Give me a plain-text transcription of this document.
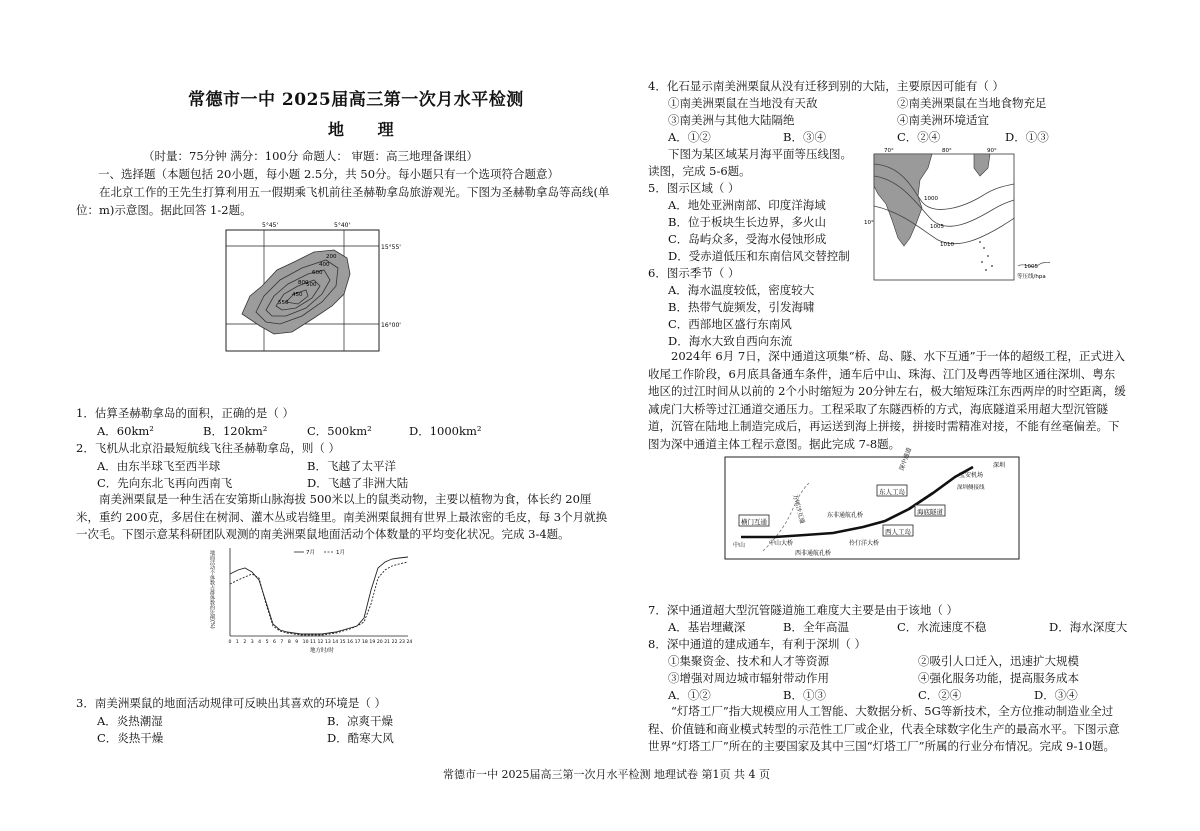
常德市一中 2025届高三第一次月水平检测
地 理
（时量：75分钟 满分：100分 命题人： 审题：高三地理备课组）
一、选择题（本题包括 20小题，每小题 2.5分，共 50分。每小题只有一个选项符合题意）
在北京工作的王先生打算利用五一假期乘飞机前往圣赫勒拿岛旅游观光。下图为圣赫勒拿岛等高线(单位：m)示意图。据此回答 1-2题。
5°45'	5°40'
15°55'
16°00'
200
400
600
800
550
500
450
1．估算圣赫勒拿岛的面积，正确的是（ ）
A．60km²	B．120km²	C．500km²	D．1000km²
2．飞机从北京沿最短航线飞往圣赫勒拿岛，则（ ）
A．由东半球飞至西半球	B．飞越了太平洋
C．先向东北飞再向西南飞	D．飞越了非洲大陆
南美洲栗鼠是一种生活在安第斯山脉海拔 500米以上的鼠类动物，主要以植物为食，体长约 20厘米，重约 200克，多居住在树洞、灌木丛或岩缝里。南美洲栗鼠拥有世界上最浓密的毛皮，每 3个月就换一次毛。下图示意某科研团队观测的南美洲栗鼠地面活动个体数量的平均变化状况。完成 3-4题。
地面活动个体数占群体数的比例(%)	7月	1月
0 1 2 3 4 5 6 7 8 9 10 11 12 13 14 15 16 17 18 19 20 21 22 23 24
地方时/时
3．南美洲栗鼠的地面活动规律可反映出其喜欢的环境是（ ）
A．炎热潮湿	B．凉爽干燥
C．炎热干燥	D．酷寒大风
4．化石显示南美洲栗鼠从没有迁移到别的大陆，主要原因可能有（ ）
①南美洲栗鼠在当地没有天敌	②南美洲栗鼠在当地食物充足
③南美洲与其他大陆隔绝	④南美洲环境适宜
A．①②	B．③④	C．②④	D．①③
下图为某区域某月海平面等压线图。
读图，完成 5-6题。
70°	80°	90°
10°
1000
1005
1010
1005
等压线/hpa
5．图示区域（ ）
A．地处亚洲南部、印度洋海域
B．位于板块生长边界，多火山
C．岛屿众多，受海水侵蚀形成
D．受赤道低压和东南信风交替控制
6．图示季节（ ）
A．海水温度较低，密度较大
B．热带气旋频发，引发海啸
C．西部地区盛行东南风
D．海水大致自西向东流
2024年 6月 7日，深中通道这项集“桥、岛、隧、水下互通”于一体的超级工程，正式进入收尾工作阶段，6月底具备通车条件，通车后中山、珠海、江门及粤西等地区通往深圳、粤东地区的过江时间从以前的 2个小时缩短为 20分钟左右，极大缩短珠江东西两岸的时空距离，缓减虎门大桥等过江通道交通压力。工程采取了东隧西桥的方式，海底隧道采用超大型沉管隧道，沉管在陆地上制造完成后，再运送到海上拼接，拼接时需精准对接，不能有丝毫偏差。下图为深中通道主体工程示意图。据此完成 7-8题。
横门互通
东人工岛
海底隧道
西人工岛
深圳
宝安机场
深圳侧接线
万顷沙互通	东非通航孔桥
中山	中山大桥
西非通航孔桥
伶仃洋大桥
深中通道
7．深中通道超大型沉管隧道施工难度大主要是由于该地（ ）
A．基岩埋藏深	B．全年高温	C．水流速度不稳	D．海水深度大
8．深中通道的建成通车，有利于深圳（ ）
①集聚资金、技术和人才等资源	②吸引人口迁入，迅速扩大规模
③增强对周边城市辐射带动作用	④强化服务功能，提高服务成本
A．①②	B．①③	C．②④	D．③④
“灯塔工厂”指大规模应用人工智能、大数据分析、5G等新技术，全方位推动制造业全过程、价值链和商业模式转型的示范性工厂或企业，代表全球数字化生产的最高水平。下图示意世界“灯塔工厂”所在的主要国家及其中三国“灯塔工厂”所属的行业分布情况。完成 9-10题。
常德市一中 2025届高三第一次月水平检测 地理试卷 第1页 共 4 页
